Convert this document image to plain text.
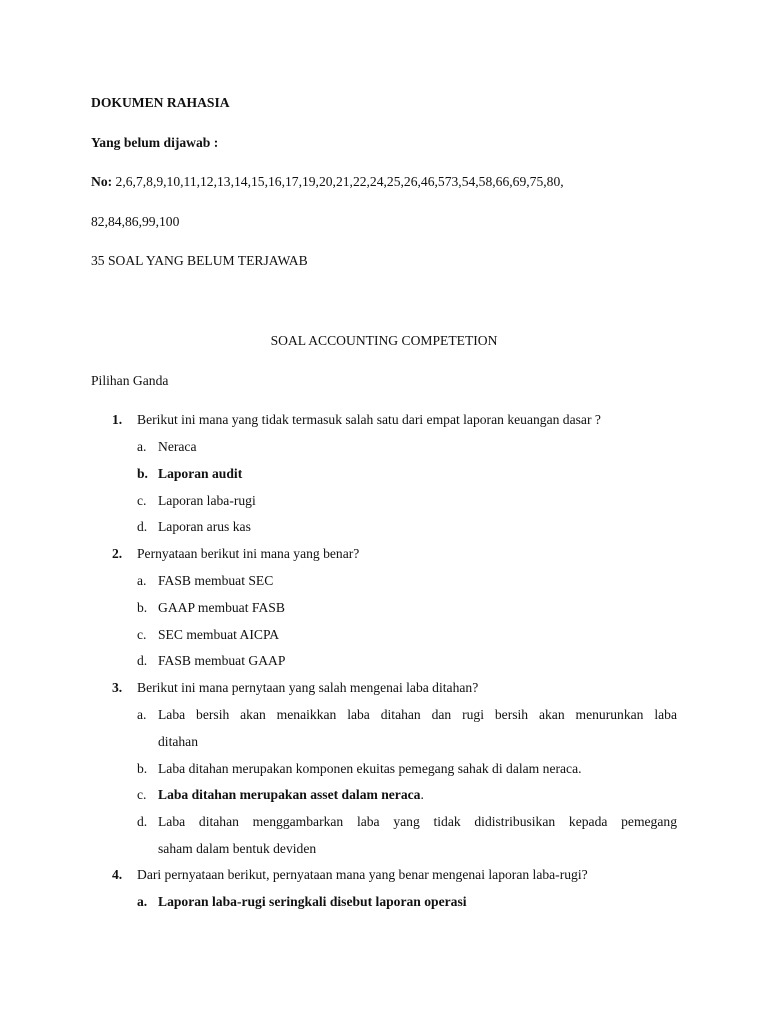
DOKUMEN RAHASIA
Yang belum dijawab :
No: 2,6,7,8,9,10,11,12,13,14,15,16,17,19,20,21,22,24,25,26,46,573,54,58,66,69,75,80,
82,84,86,99,100
35 SOAL YANG BELUM TERJAWAB
SOAL ACCOUNTING COMPETETION
Pilihan Ganda
1.	Berikut ini mana yang tidak termasuk salah satu dari empat laporan keuangan dasar ?
a. Neraca
b. Laporan audit
c. Laporan laba-rugi
d. Laporan arus kas
2.	Pernyataan berikut ini mana yang benar?
a. FASB membuat SEC
b. GAAP membuat FASB
c. SEC membuat AICPA
d. FASB membuat GAAP
3.	Berikut ini mana pernytaan yang salah mengenai laba ditahan?
a. Laba bersih akan menaikkan laba ditahan dan rugi bersih akan menurunkan laba
ditahan
b. Laba ditahan merupakan komponen ekuitas pemegang sahak di dalam neraca.
c. Laba ditahan merupakan asset dalam neraca.
d. Laba ditahan menggambarkan laba yang tidak didistribusikan kepada pemegang
saham dalam bentuk deviden
4.	Dari pernyataan berikut, pernyataan mana yang benar mengenai laporan laba-rugi?
a. Laporan laba-rugi seringkali disebut laporan operasi
